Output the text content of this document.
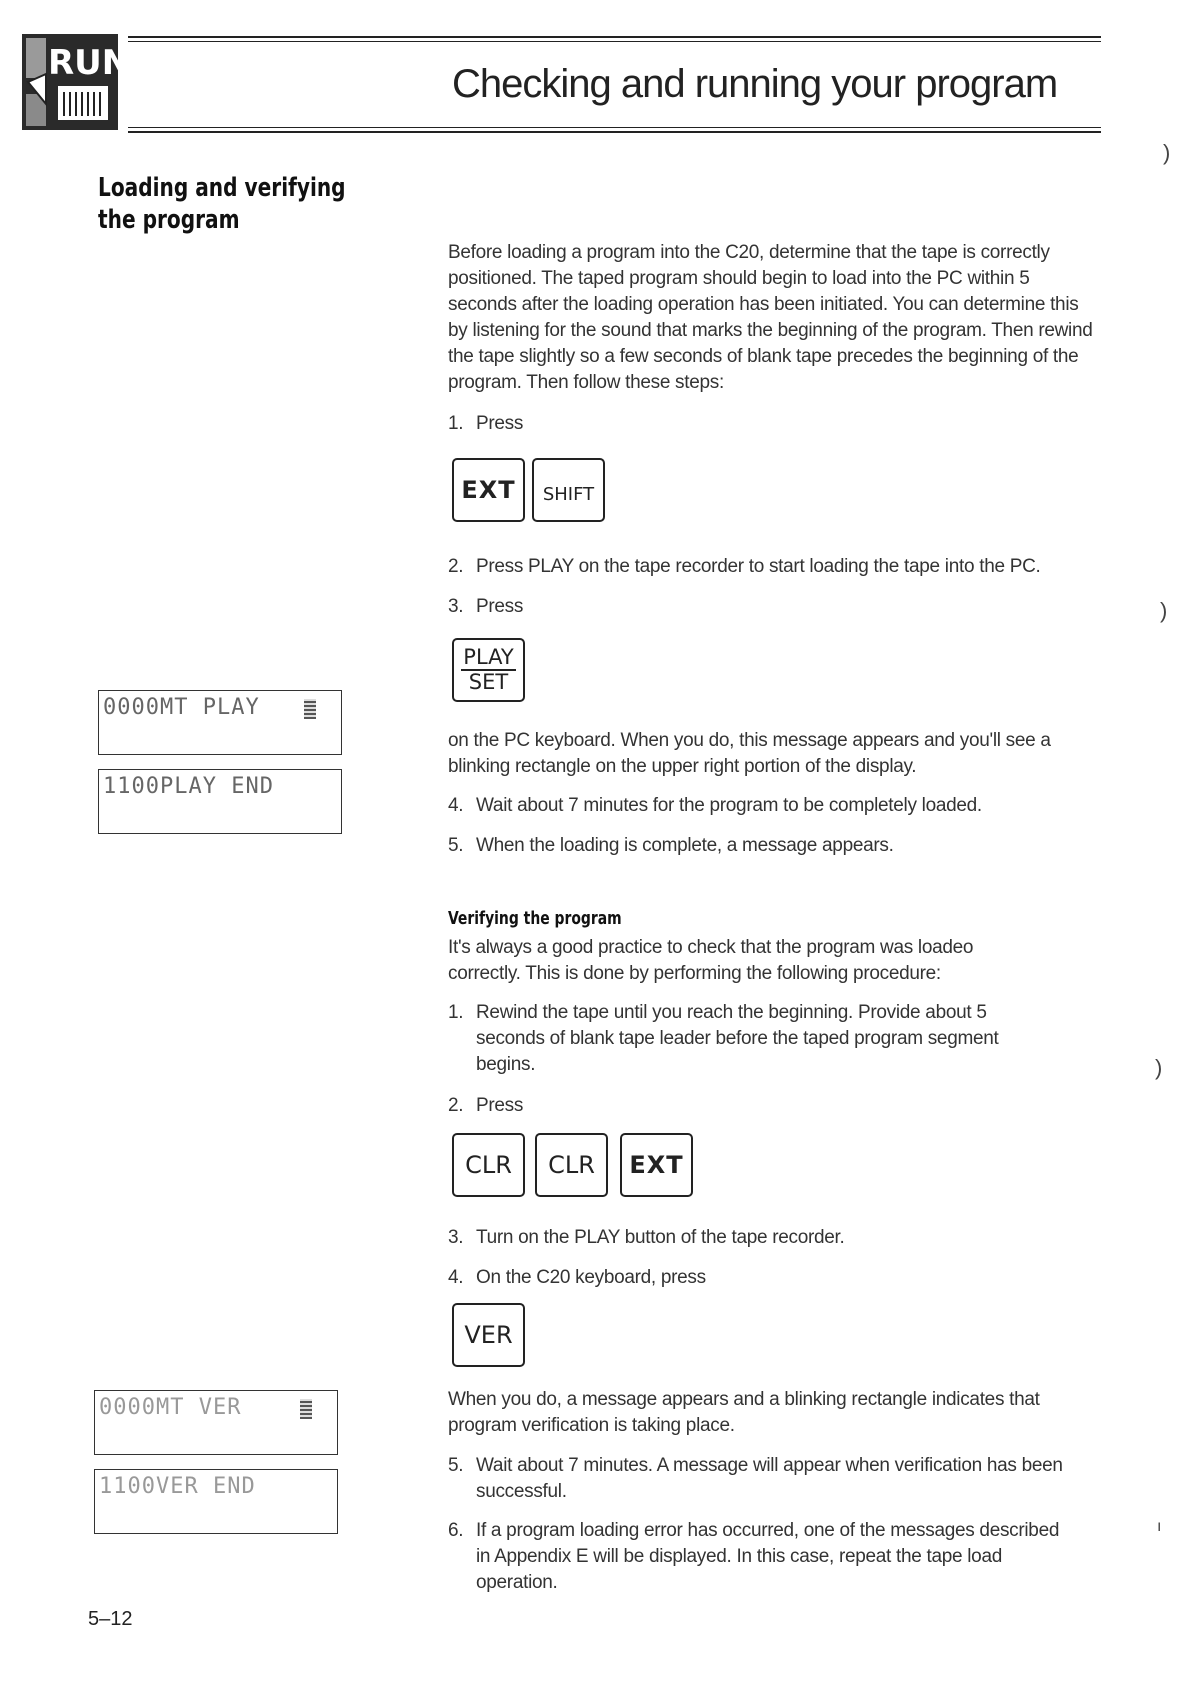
RUN	Checking and running your program
Loading and verifying the program
Before loading a program into the C20, determine that the tape is correctly positioned. The taped program should begin to load into the PC within 5 seconds after the loading operation has been initiated. You can determine this by listening for the sound that marks the beginning of the program. Then rewind the tape slightly so a few seconds of blank tape precedes the beginning of the program. Then follow these steps:
1. Press
EXT	SHIFT
2. Press PLAY on the tape recorder to start loading the tape into the PC.
3. Press
PLAY
SET
on the PC keyboard. When you do, this message appears and you'll see a blinking rectangle on the upper right portion of the display.
4. Wait about 7 minutes for the program to be completely loaded.
5. When the loading is complete, a message appears.
0000MT PLAY
1100PLAY END
Verifying the program
It's always a good practice to check that the program was loadeo correctly. This is done by performing the following procedure:
1. Rewind the tape until you reach the beginning. Provide about 5 seconds of blank tape leader before the taped program segment begins.
2. Press
CLR	CLR	EXT
3. Turn on the PLAY button of the tape recorder.
4. On the C20 keyboard, press
VER
When you do, a message appears and a blinking rectangle indicates that program verification is taking place.
5. Wait about 7 minutes. A message will appear when verification has been successful.
6. If a program loading error has occurred, one of the messages described in Appendix E will be displayed. In this case, repeat the tape load operation.
0000MT VER
1100VER END
5–12
)
)
)
ı
